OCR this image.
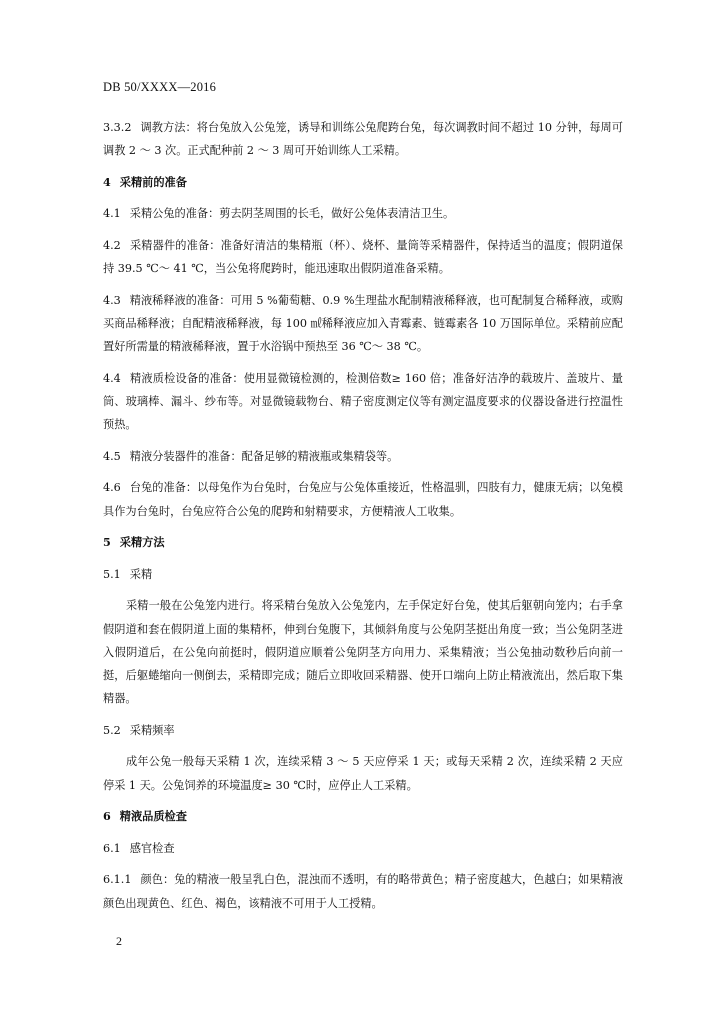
DB 50/XXXX—2016

3.3.2 调教方法：将台兔放入公兔笼，诱导和训练公兔爬跨台兔，每次调教时间不超过 10 分钟，每周可调教 2 ～ 3 次。正式配种前 2 ～ 3 周可开始训练人工采精。

4 采精前的准备

4.1 采精公兔的准备：剪去阴茎周围的长毛，做好公兔体表清洁卫生。

4.2 采精器件的准备：准备好清洁的集精瓶（杯）、烧杯、量筒等采精器件，保持适当的温度；假阴道保持 39.5 ℃～ 41 ℃，当公兔将爬跨时，能迅速取出假阴道准备采精。

4.3 精液稀释液的准备：可用 5 %葡萄糖、0.9 %生理盐水配制精液稀释液，也可配制复合稀释液，或购买商品稀释液；自配精液稀释液，每 100 ㎖稀释液应加入青霉素、链霉素各 10 万国际单位。采精前应配置好所需量的精液稀释液，置于水浴锅中预热至 36 ℃～ 38 ℃。

4.4 精液质检设备的准备：使用显微镜检测的，检测倍数≥ 160 倍；准备好洁净的载玻片、盖玻片、量筒、玻璃棒、漏斗、纱布等。对显微镜载物台、精子密度测定仪等有测定温度要求的仪器设备进行控温性预热。

4.5 精液分装器件的准备：配备足够的精液瓶或集精袋等。

4.6 台兔的准备：以母兔作为台兔时，台兔应与公兔体重接近，性格温驯，四肢有力，健康无病；以兔模具作为台兔时，台兔应符合公兔的爬跨和射精要求，方便精液人工收集。

5 采精方法

5.1 采精

采精一般在公兔笼内进行。将采精台兔放入公兔笼内，左手保定好台兔，使其后躯朝向笼内；右手拿假阴道和套在假阴道上面的集精杯，伸到台兔腹下，其倾斜角度与公兔阴茎挺出角度一致；当公兔阴茎进入假阴道后，在公兔向前挺时，假阴道应顺着公兔阴茎方向用力、采集精液；当公兔抽动数秒后向前一挺，后躯蜷缩向一侧倒去，采精即完成；随后立即收回采精器、使开口端向上防止精液流出，然后取下集精器。

5.2 采精频率

成年公兔一般每天采精 1 次，连续采精 3 ～ 5 天应停采 1 天；或每天采精 2 次，连续采精 2 天应停采 1 天。公兔饲养的环境温度≥ 30 ℃时，应停止人工采精。

6 精液品质检查

6.1 感官检查

6.1.1 颜色：兔的精液一般呈乳白色，混浊而不透明，有的略带黄色；精子密度越大，色越白；如果精液颜色出现黄色、红色、褐色，该精液不可用于人工授精。

2
